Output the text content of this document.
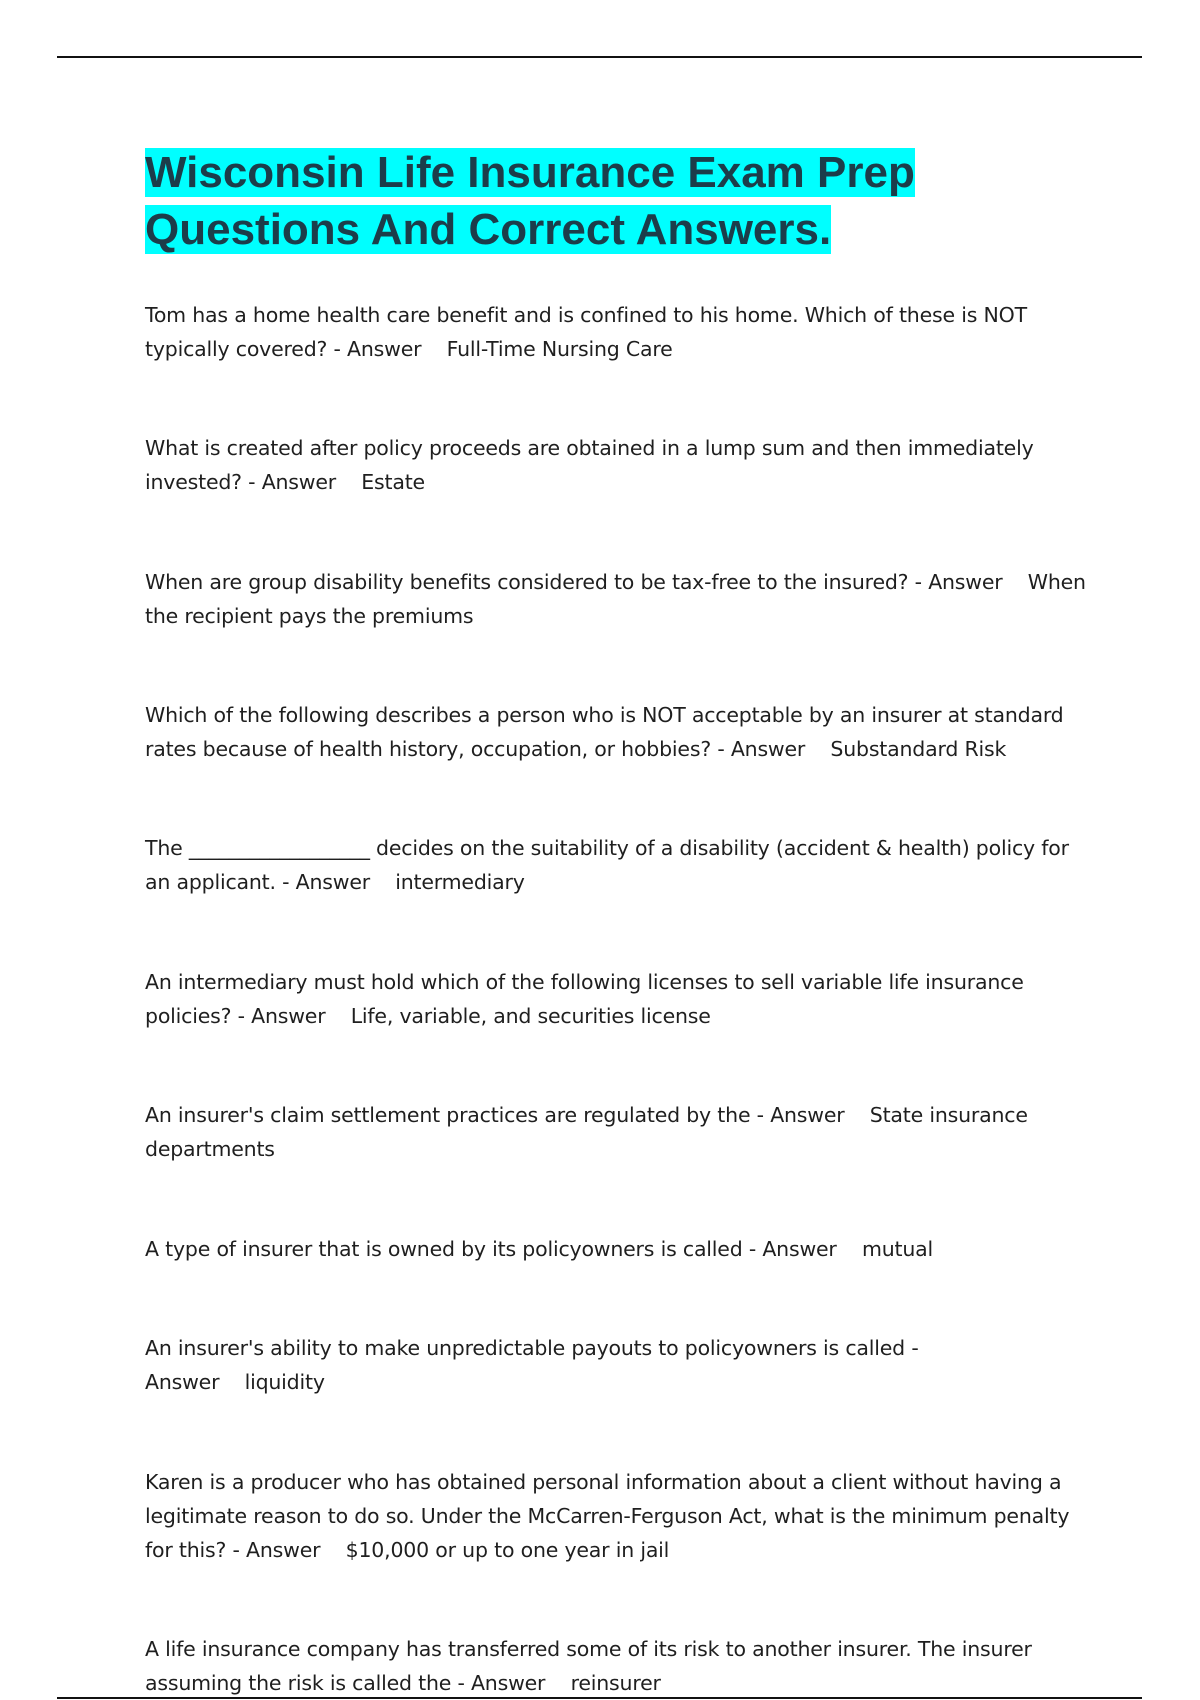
Wisconsin Life Insurance Exam Prep Questions And Correct Answers.

Tom has a home health care benefit and is confined to his home. Which of these is NOT typically covered? - Answer Full-Time Nursing Care

What is created after policy proceeds are obtained in a lump sum and then immediately invested? - Answer Estate

When are group disability benefits considered to be tax-free to the insured? - Answer When the recipient pays the premiums

Which of the following describes a person who is NOT acceptable by an insurer at standard rates because of health history, occupation, or hobbies? - Answer Substandard Risk

The __________________ decides on the suitability of a disability (accident & health) policy for an applicant. - Answer intermediary

An intermediary must hold which of the following licenses to sell variable life insurance policies? - Answer Life, variable, and securities license

An insurer's claim settlement practices are regulated by the - Answer State insurance departments

A type of insurer that is owned by its policyowners is called - Answer mutual

An insurer's ability to make unpredictable payouts to policyowners is called - Answer liquidity

Karen is a producer who has obtained personal information about a client without having a legitimate reason to do so. Under the McCarren-Ferguson Act, what is the minimum penalty for this? - Answer $10,000 or up to one year in jail

A life insurance company has transferred some of its risk to another insurer. The insurer assuming the risk is called the - Answer reinsurer
